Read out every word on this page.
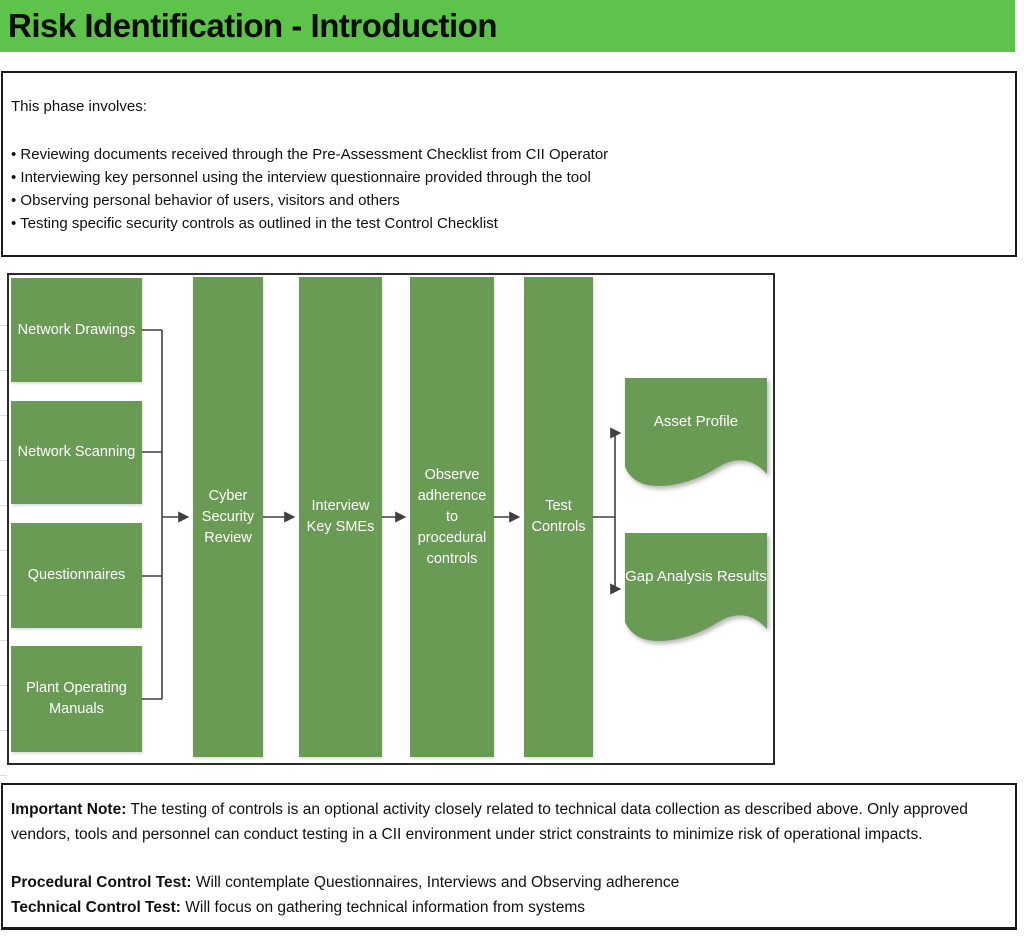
Risk Identification - Introduction

This phase involves:

• Reviewing documents received through the Pre-Assessment Checklist from CII Operator

• Interviewing key personnel using the interview questionnaire provided through the tool

• Observing personal behavior of users, visitors and others

• Testing specific security controls as outlined in the test Control Checklist

Network Drawings
Network Scanning
Questionnaires
Plant Operating Manuals
Cyber Security Review
Interview Key SMEs
Observe adherence to procedural controls
Test Controls
Asset Profile
Gap Analysis Results

Important Note: The testing of controls is an optional activity closely related to technical data collection as described above. Only approved vendors, tools and personnel can conduct testing in a CII environment under strict constraints to minimize risk of operational impacts.

Procedural Control Test: Will contemplate Questionnaires, Interviews and Observing adherence

Technical Control Test: Will focus on gathering technical information from systems
